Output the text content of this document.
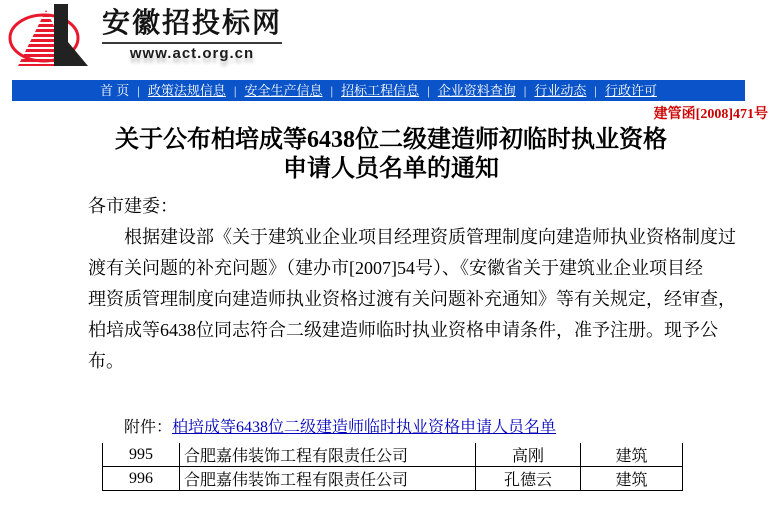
安徽招投标网
www.act.org.cn
首 页 | 政策法规信息 | 安全生产信息 | 招标工程信息 | 企业资料查询 | 行业动态 | 行政许可
建管函[2008]471号
关于公布柏培成等6438位二级建造师初临时执业资格
申请人员名单的通知
各市建委：
根据建设部《关于建筑业企业项目经理资质管理制度向建造师执业资格制度过
渡有关问题的补充问题》（建办市[2007]54号）、《安徽省关于建筑业企业项目经
理资质管理制度向建造师执业资格过渡有关问题补充通知》等有关规定，经审查，
柏培成等6438位同志符合二级建造师临时执业资格申请条件，准予注册。现予公
布。
附件：柏培成等6438位二级建造师临时执业资格申请人员名单
995	合肥嘉伟装饰工程有限责任公司	高刚	建筑
996	合肥嘉伟装饰工程有限责任公司	孔德云	建筑
